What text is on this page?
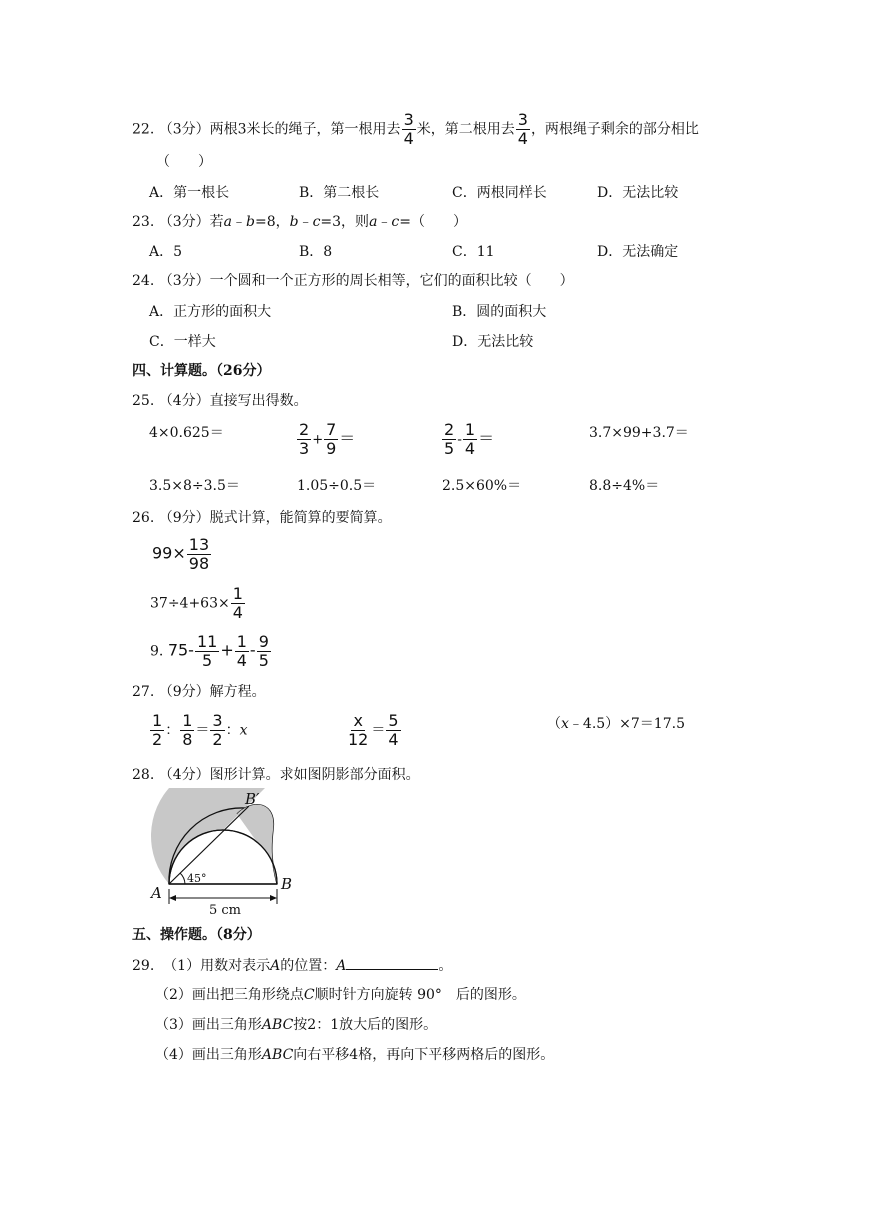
22. （3分）两根3米长的绳子，第一根用去 $\frac{3}{4}$ 米，第二根用去 $\frac{3}{4}$ ，两根绳子剩余的部分相比
（　　）
A．第一根长	B．第二根长	C．两根同样长	D．无法比较
23. （3分）若a﹣b=8，b﹣c=3，则a﹣c=（　　）
A．5	B．8	C．11	D．无法确定
24. （3分）一个圆和一个正方形的周长相等，它们的面积比较（　　）
A．正方形的面积大	B．圆的面积大
C．一样大	D．无法比较
四、计算题。（26分）
25. （4分）直接写出得数。
4×0.625＝	$\frac{2}{3} + \frac{7}{9}$ ＝	$\frac{2}{5} - \frac{1}{4}$ ＝	3.7×99+3.7＝
3.5×8÷3.5＝	1.05÷0.5＝	2.5×60%＝	8.8÷4%＝
26. （9分）脱式计算，能简算的要简算。
$99\times \frac{13}{98}$
$37\div 4+63\times \frac{1}{4}$
9. $75- \frac{11}{5} + \frac{1}{4} - \frac{9}{5}$
27. （9分）解方程。
$\frac{1}{2}$ ： $\frac{1}{8} = \frac{3}{2}$ ：x	$\frac{x}{12} = \frac{5}{4}$	（x﹣4.5）×7＝17.5
28. （4分）图形计算。求如图阴影部分面积。
B′
A	B
45°
5 cm
五、操作题。（8分）
29. （1）用数对表示A的位置：A	。
（2）画出把三角形绕点C顺时针方向旋转 90°　后的图形。
（3）画出三角形ABC按2：1放大后的图形。
（4）画出三角形ABC向右平移4格，再向下平移两格后的图形。
